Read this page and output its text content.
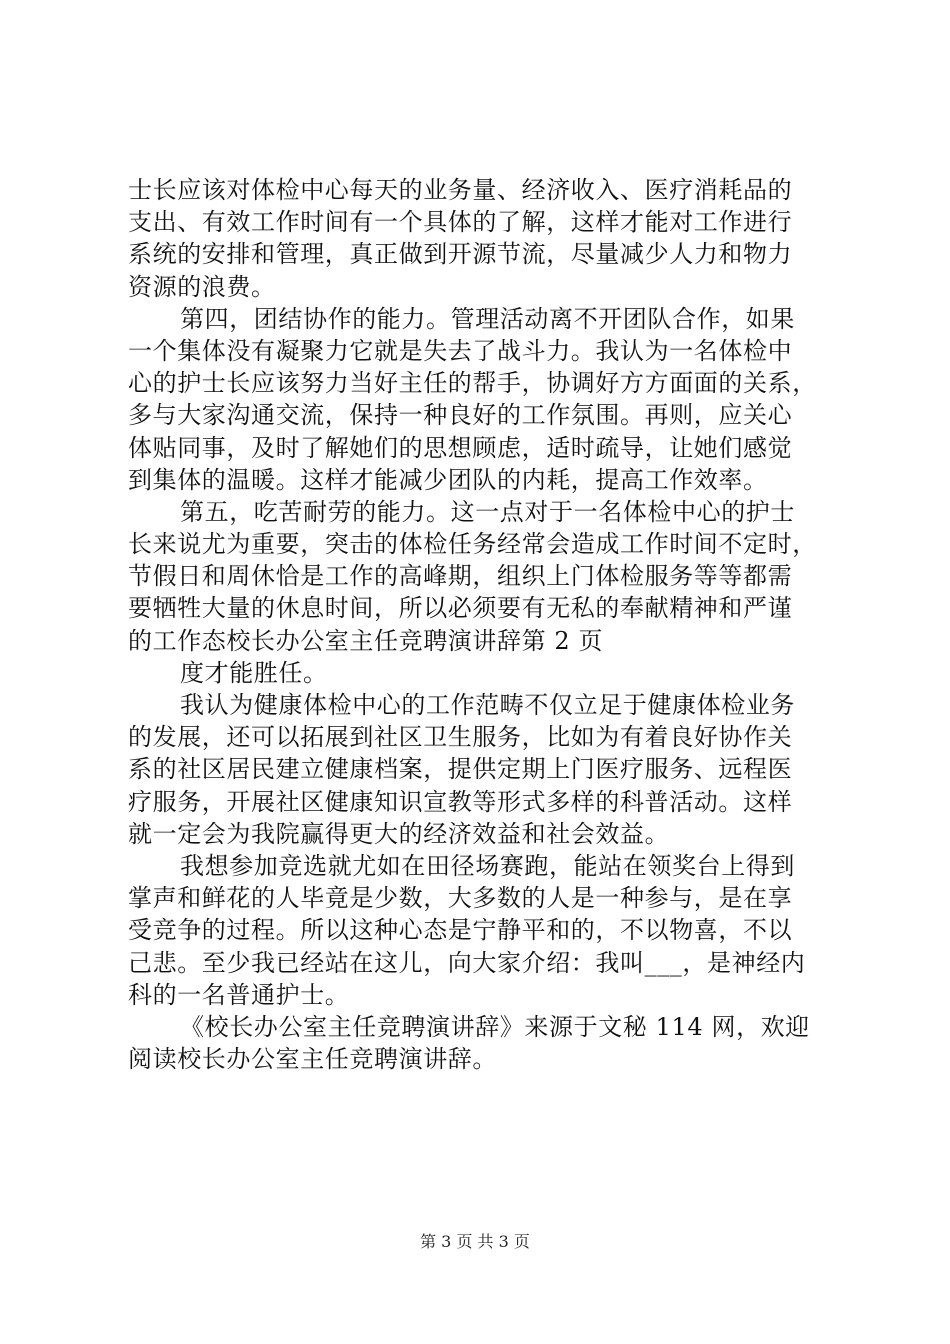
士长应该对体检中心每天的业务量、经济收入、医疗消耗品的
支出、有效工作时间有一个具体的了解，这样才能对工作进行
系统的安排和管理，真正做到开源节流，尽量减少人力和物力
资源的浪费。
第四，团结协作的能力。管理活动离不开团队合作，如果
一个集体没有凝聚力它就是失去了战斗力。我认为一名体检中
心的护士长应该努力当好主任的帮手，协调好方方面面的关系，
多与大家沟通交流，保持一种良好的工作氛围。再则，应关心
体贴同事，及时了解她们的思想顾虑，适时疏导，让她们感觉
到集体的温暖。这样才能减少团队的内耗，提高工作效率。
第五，吃苦耐劳的能力。这一点对于一名体检中心的护士
长来说尤为重要，突击的体检任务经常会造成工作时间不定时，
节假日和周休恰是工作的高峰期，组织上门体检服务等等都需
要牺牲大量的休息时间，所以必须要有无私的奉献精神和严谨
的工作态校长办公室主任竞聘演讲辞第 2 页
度才能胜任。
我认为健康体检中心的工作范畴不仅立足于健康体检业务
的发展，还可以拓展到社区卫生服务，比如为有着良好协作关
系的社区居民建立健康档案，提供定期上门医疗服务、远程医
疗服务，开展社区健康知识宣教等形式多样的科普活动。这样
就一定会为我院赢得更大的经济效益和社会效益。
我想参加竞选就尤如在田径场赛跑，能站在领奖台上得到
掌声和鲜花的人毕竟是少数，大多数的人是一种参与，是在享
受竞争的过程。所以这种心态是宁静平和的，不以物喜，不以
己悲。至少我已经站在这儿，向大家介绍：我叫___，是神经内
科的一名普通护士。
《校长办公室主任竞聘演讲辞》来源于文秘 114 网，欢迎
阅读校长办公室主任竞聘演讲辞。
第 3 页 共 3 页
